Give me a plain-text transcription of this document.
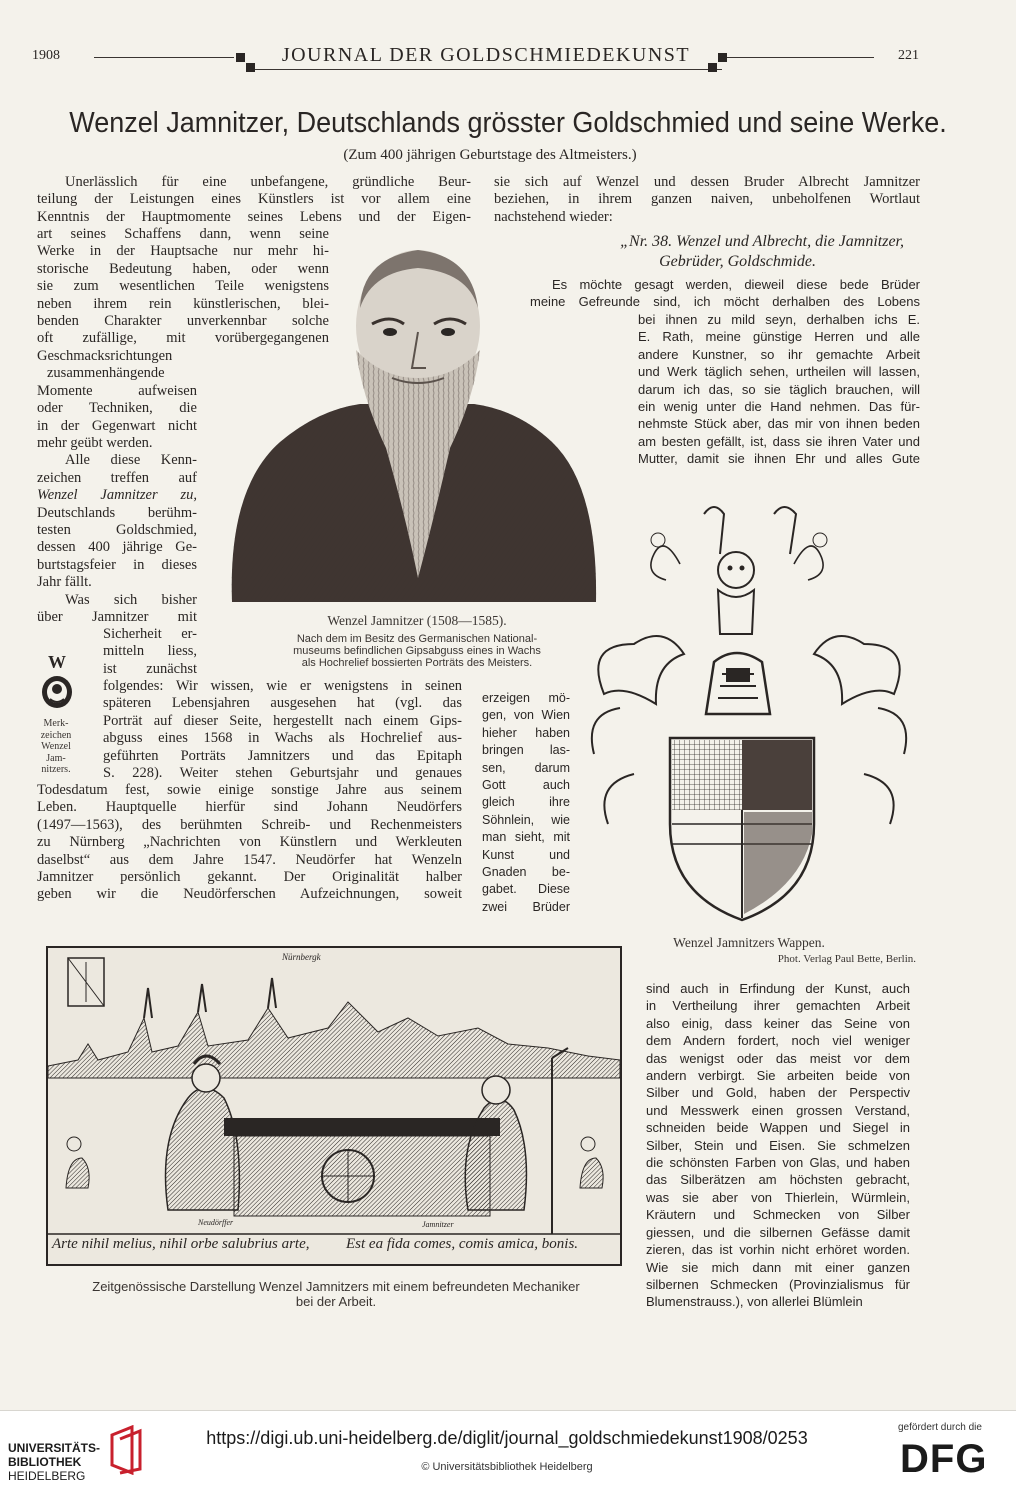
1908	221
JOURNAL DER GOLDSCHMIEDEKUNST
Wenzel Jamnitzer, Deutschlands grösster Goldschmied und seine Werke.
(Zum 400 jährigen Geburtstage des Altmeisters.)
Unerlässlich für eine unbefangene, gründliche Beur-
teilung der Leistungen eines Künstlers ist vor allem eine
Kenntnis der Hauptmomente seines Lebens und der Eigen-
art seines Schaffens dann, wenn seine
Werke in der Hauptsache nur mehr hi-
storische Bedeutung haben, oder wenn
sie zum wesentlichen Teile wenigstens
neben ihrem rein künstlerischen, blei-
benden Charakter unverkennbar solche
oft zufällige, mit vorübergegangenen
Geschmacksrichtungen
zusammenhängende
Momente aufweisen
oder Techniken, die
in der Gegenwart nicht
mehr geübt werden.
Alle diese Kenn-
zeichen treffen auf
Wenzel Jamnitzer zu,
Deutschlands berühm-
testen Goldschmied,
dessen 400 jährige Ge-
burtstagsfeier in dieses
Jahr fällt.
Was sich bisher
über Jamnitzer mit
Sicherheit er-
mitteln liess,
ist zunächst
folgendes: Wir wissen, wie er wenigstens in seinen
späteren Lebensjahren ausgesehen hat (vgl. das
Porträt auf dieser Seite, hergestellt nach einem Gips-
abguss eines 1568 in Wachs als Hochrelief aus-
geführten Porträts Jamnitzers und das Epitaph
S. 228). Weiter stehen Geburtsjahr und genaues
Todesdatum fest, sowie einige sonstige Jahre aus seinem
Leben. Hauptquelle hierfür sind Johann Neudörfers
(1497—1563), des berühmten Schreib- und Rechenmeisters
zu Nürnberg „Nachrichten von Künstlern und Werkleuten
daselbst“ aus dem Jahre 1547. Neudörfer hat Wenzeln
Jamnitzer persönlich gekannt. Der Originalität halber
geben wir die Neudörferschen Aufzeichnungen, soweit
W
Merk-
zeichen
Wenzel
Jam-
nitzers.
Wenzel Jamnitzer (1508—1585).
Nach dem im Besitz des Germanischen National-
museums befindlichen Gipsabguss eines in Wachs
als Hochrelief bossierten Porträts des Meisters.
sie sich auf Wenzel und dessen Bruder Albrecht Jamnitzer
beziehen, in ihrem ganzen naiven, unbeholfenen Wortlaut
nachstehend wieder:
„Nr. 38. Wenzel und Albrecht, die Jamnitzer,
Gebrüder, Goldschmide.
Es möchte gesagt werden, dieweil diese bede Brüder
meine Gefreunde sind, ich möcht derhalben des Lobens
bei ihnen zu mild seyn, derhalben ichs E.
E. Rath, meine günstige Herren und alle
andere Kunstner, so ihr gemachte Arbeit
und Werk täglich sehen, urtheilen will lassen,
darum ich das, so sie täglich brauchen, will
ein wenig unter die Hand nehmen. Das für-
nehmste Stück aber, das mir von ihnen beden
am besten gefällt, ist, dass sie ihren Vater und
Mutter, damit sie ihnen Ehr und alles Gute
erzeigen mö-
gen, von Wien
hieher haben
bringen las-
sen, darum
Gott auch
gleich ihre
Söhnlein, wie
man sieht, mit
Kunst und
Gnaden be-
gabet. Diese
zwei Brüder
Wenzel Jamnitzers Wappen.
Phot. Verlag Paul Bette, Berlin.
sind auch in Erfindung der Kunst, auch
in Vertheilung ihrer gemachten Arbeit
also einig, dass keiner das Seine von
dem Andern fordert, noch viel weniger
das wenigst oder das meist vor dem
andern verbirgt. Sie arbeiten beide von
Silber und Gold, haben der Perspectiv
und Messwerk einen grossen Verstand,
schneiden beide Wappen und Siegel in
Silber, Stein und Eisen. Sie schmelzen
die schönsten Farben von Glas, und haben
das Silberätzen am höchsten gebracht,
was sie aber von Thierlein, Würmlein,
Kräutern und Schmecken von Silber
giessen, und die silbernen Gefässe damit
zieren, das ist vorhin nicht erhöret worden.
Wie sie mich dann mit einer ganzen
silbernen Schmecken (Provinzialismus für
Blumenstrauss.), von allerlei Blümlein
Nürnbergk
Neudörffer	Jamnitzer
Arte nihil melius, nihil orbe salubrius arte, Est ea fida comes, comis amica, bonis.
Zeitgenössische Darstellung Wenzel Jamnitzers mit einem befreundeten Mechaniker
bei der Arbeit.
UNIVERSITÄTS-
BIBLIOTHEK
HEIDELBERG
https://digi.ub.uni-heidelberg.de/diglit/journal_goldschmiedekunst1908/0253
© Universitätsbibliothek Heidelberg
gefördert durch die
DFG
